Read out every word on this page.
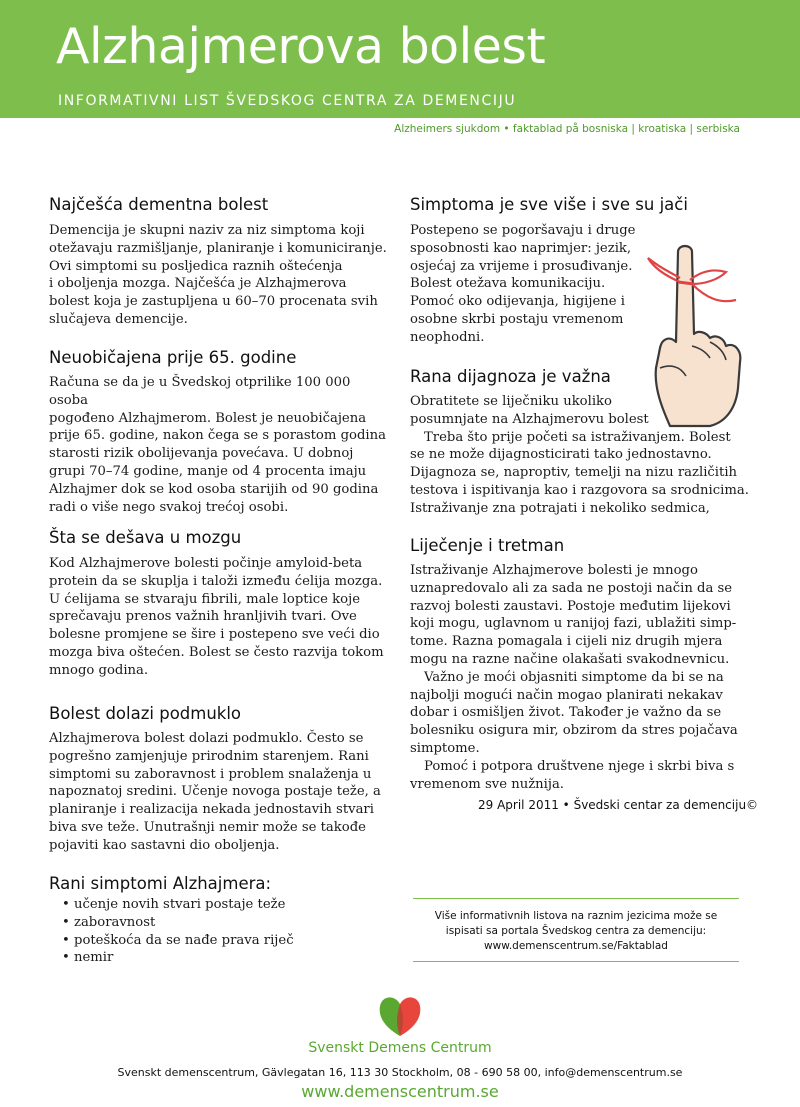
Alzhajmerova bolest
INFORMATIVNI LIST ŠVEDSKOG CENTRA ZA DEMENCIJU
Alzheimers sjukdom • faktablad på bosniska | kroatiska | serbiska
Najčešća dementna bolest
Demencija je skupni naziv za niz simptoma koji
otežavaju razmišljanje, planiranje i komuniciranje.
Ovi simptomi su posljedica raznih oštećenja
i oboljenja mozga. Najčešća je Alzhajmerova
bolest koja je zastupljena u 60–70 procenata svih
slučajeva demencije.
Neuobičajena prije 65. godine
Računa se da je u Švedskoj otprilike 100 000 osoba
pogođeno Alzhajmerom. Bolest je neuobičajena
prije 65. godine, nakon čega se s porastom godina
starosti rizik obolijevanja povećava. U dobnoj
grupi 70–74 godine, manje od 4 procenta imaju
Alzhajmer dok se kod osoba starijih od 90 godina
radi o više nego svakoj trećoj osobi.
Šta se dešava u mozgu
Kod Alzhajmerove bolesti počinje amyloid-beta
protein da se skuplja i taloži između ćelija mozga.
U ćelijama se stvaraju fibrili, male loptice koje
sprečavaju prenos važnih hranljivih tvari. Ove
bolesne promjene se šire i postepeno sve veći dio
mozga biva oštećen. Bolest se često razvija tokom
mnogo godina.
Bolest dolazi podmuklo
Alzhajmerova bolest dolazi podmuklo. Često se
pogrešno zamjenjuje prirodnim starenjem. Rani
simptomi su zaboravnost i problem snalaženja u
napoznatoj sredini. Učenje novoga postaje teže, a
planiranje i realizacija nekada jednostavih stvari
biva sve teže. Unutrašnji nemir može se takođe
pojaviti kao sastavni dio oboljenja.
Rani simptomi Alzhajmera:
• učenje novih stvari postaje teže
• zaboravnost
• poteškoća da se nađe prava riječ
• nemir
Simptoma je sve više i sve su jači
Postepeno se pogoršavaju i druge
sposobnosti kao naprimjer: jezik,
osjećaj za vrijeme i prosuđivanje.
Bolest otežava komunikaciju.
Pomoć oko odijevanja, higijene i
osobne skrbi postaju vremenom
neophodni.
Rana dijagnoza je važna
Obratitete se liječniku ukoliko
posumnjate na Alzhajmerovu bolest
Treba što prije početi sa istraživanjem. Bolest
se ne može dijagnosticirati tako jednostavno.
Dijagnoza se, naproptiv, temelji na nizu različitih
testova i ispitivanja kao i razgovora sa srodnicima.
Istraživanje zna potrajati i nekoliko sedmica,
Liječenje i tretman
Istraživanje Alzhajmerove bolesti je mnogo
uznapredovalo ali za sada ne postoji način da se
razvoj bolesti zaustavi. Postoje međutim lijekovi
koji mogu, uglavnom u ranijoj fazi, ublažiti simp-
tome. Razna pomagala i cijeli niz drugih mjera
mogu na razne načine olakašati svakodnevnicu.
Važno je moći objasniti simptome da bi se na
najbolji mogući način mogao planirati nekakav
dobar i osmišljen život. Također je važno da se
bolesniku osigura mir, obzirom da stres pojačava
simptome.
Pomoć i potpora društvene njege i skrbi biva s
vremenom sve nužnija.
29 April 2011 • Švedski centar za demenciju©
Više informativnih listova na raznim jezicima može se
ispisati sa portala Švedskog centra za demenciju:
www.demenscentrum.se/Faktablad
Svenskt Demens Centrum
Svenskt demenscentrum, Gävlegatan 16, 113 30 Stockholm, 08 - 690 58 00, info@demenscentrum.se
www.demenscentrum.se
